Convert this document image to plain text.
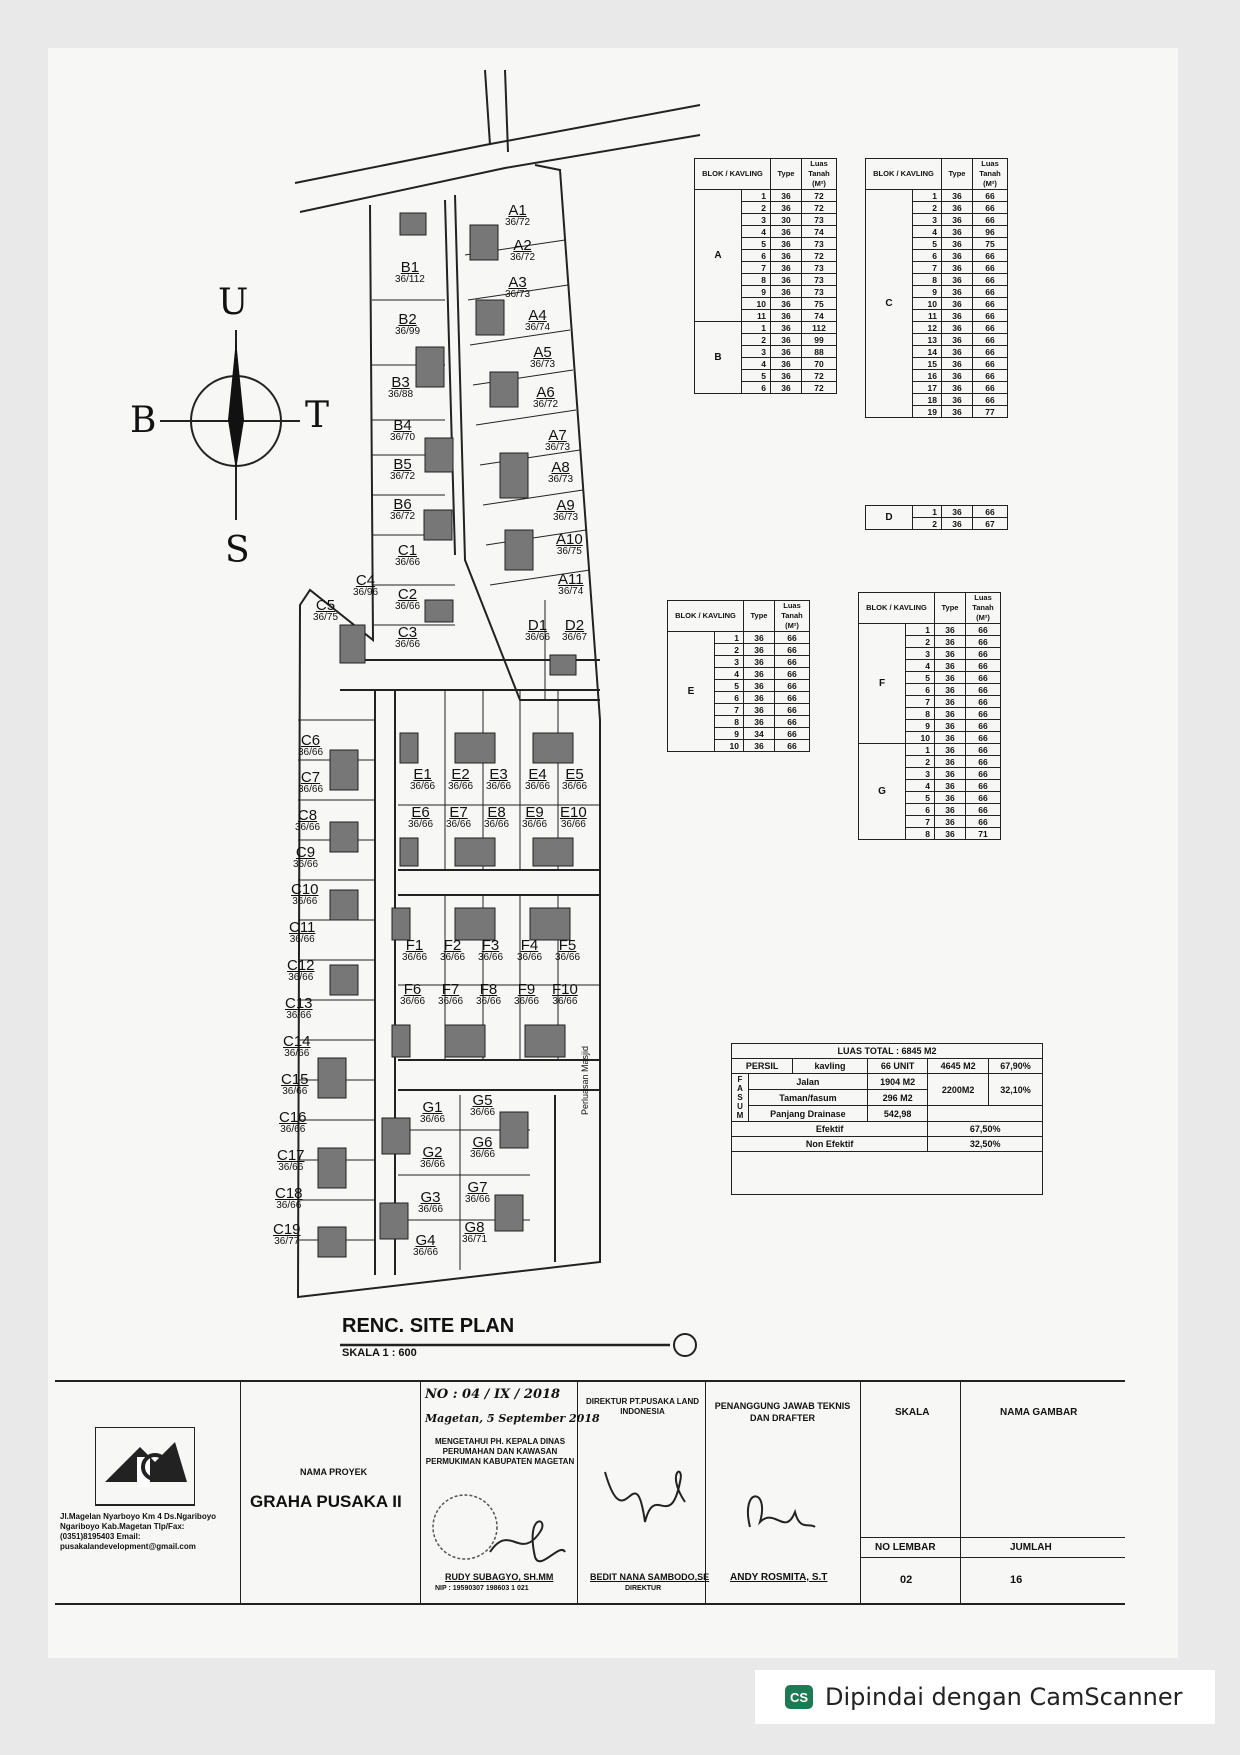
U
B	T
S
A1
36/72
A2
36/72
A3
36/73
A4
36/74
A5
36/73
A6
36/72
A7
36/73
A8
36/73
A9
36/73
A10
36/75
A11
36/74
B1
36/112
B2
36/99
B3
36/88
B4
36/70
B5
36/72
B6
36/72
C1
36/66
C2
36/66
C3
36/66
C4
36/96
C5
36/75
C6
36/66
C7
36/66
C8
36/66
C9
36/66
C10
36/66
C11
36/66
C12
36/66
C13
36/66
C14
36/66
C15
36/66
C16
36/66
C17
36/66
C18
36/66
C19
36/77
D1
36/66
D2
36/67
E1
36/66
E2
36/66
E3
36/66
E4
36/66
E5
36/66
E6
36/66
E7
36/66
E8
36/66
E9
36/66
E10
36/66
F1
36/66
F2
36/66
F3
36/66
F4
36/66
F5
36/66
F6
36/66
F7
36/66
F8
36/66
F9
36/66
F10
36/66
G1
36/66
G2
36/66
G3
36/66
G4
36/66
G5
36/66
G6
36/66
G7
36/66
G8
36/71
Perluasan Masjid
RENC. SITE PLAN
SKALA 1 : 600
BLOK / KAVLING		Type	Luas Tanah (M²)
A	1	36	72
	2	36	72
	3	30	73
	4	36	74
	5	36	73
	6	36	72
	7	36	73
	8	36	73
	9	36	73
	10	36	75
	11	36	74
B	1	36	112
	2	36	99
	3	36	88
	4	36	70
	5	36	72
	6	36	72
BLOK / KAVLING		Type	Luas Tanah (M²)
C	1	36	66
	2	36	66
	3	36	66
	4	36	96
	5	36	75
	6	36	66
	7	36	66
	8	36	66
	9	36	66
	10	36	66
	11	36	66
	12	36	66
	13	36	66
	14	36	66
	15	36	66
	16	36	66
	17	36	66
	18	36	66
	19	36	77
D	1	36	66
	2	36	67
BLOK / KAVLING		Type	Luas Tanah (M²)
E	1	36	66
	2	36	66
	3	36	66
	4	36	66
	5	36	66
	6	36	66
	7	36	66
	8	36	66
	9	34	66
	10	36	66
BLOK / KAVLING		Type	Luas Tanah (M²)
F	1	36	66
	2	36	66
	3	36	66
	4	36	66
	5	36	66
	6	36	66
	7	36	66
	8	36	66
	9	36	66
	10	36	66
G	1	36	66
	2	36	66
	3	36	66
	4	36	66
	5	36	66
	6	36	66
	7	36	66
	8	36	71
LUAS TOTAL : 6845 M2					
PERSIL		kavling	66 UNIT	4645 M2	67,90%
F A S U M	Jalan		1904 M2	2200M2	32,10%
	Taman/fasum		296 M2		
	Panjang Drainase		542,98		
Efektif				67,50%	
Non Efektif				32,50%	

Jl.Magelan Nyarboyo Km 4 Ds.Ngariboyo Ngariboyo Kab.Magetan Tlp/Fax: (0351)8195403 Email: pusakalandevelopment@gmail.com
NAMA PROYEK
GRAHA PUSAKA II
NO : 04 / IX / 2018
Magetan, 5 September 2018
MENGETAHUI PH. KEPALA DINAS PERUMAHAN DAN KAWASAN PERMUKIMAN KABUPATEN MAGETAN
RUDY SUBAGYO, SH.MM
NIP : 19590307 198603 1 021
DIREKTUR PT.PUSAKA LAND INDONESIA
BEDIT NANA SAMBODO,SE
DIREKTUR
PENANGGUNG JAWAB TEKNIS DAN DRAFTER
ANDY ROSMITA, S.T
SKALA	NAMA GAMBAR
NO LEMBAR	JUMLAH
02	16
CS Dipindai dengan CamScanner
